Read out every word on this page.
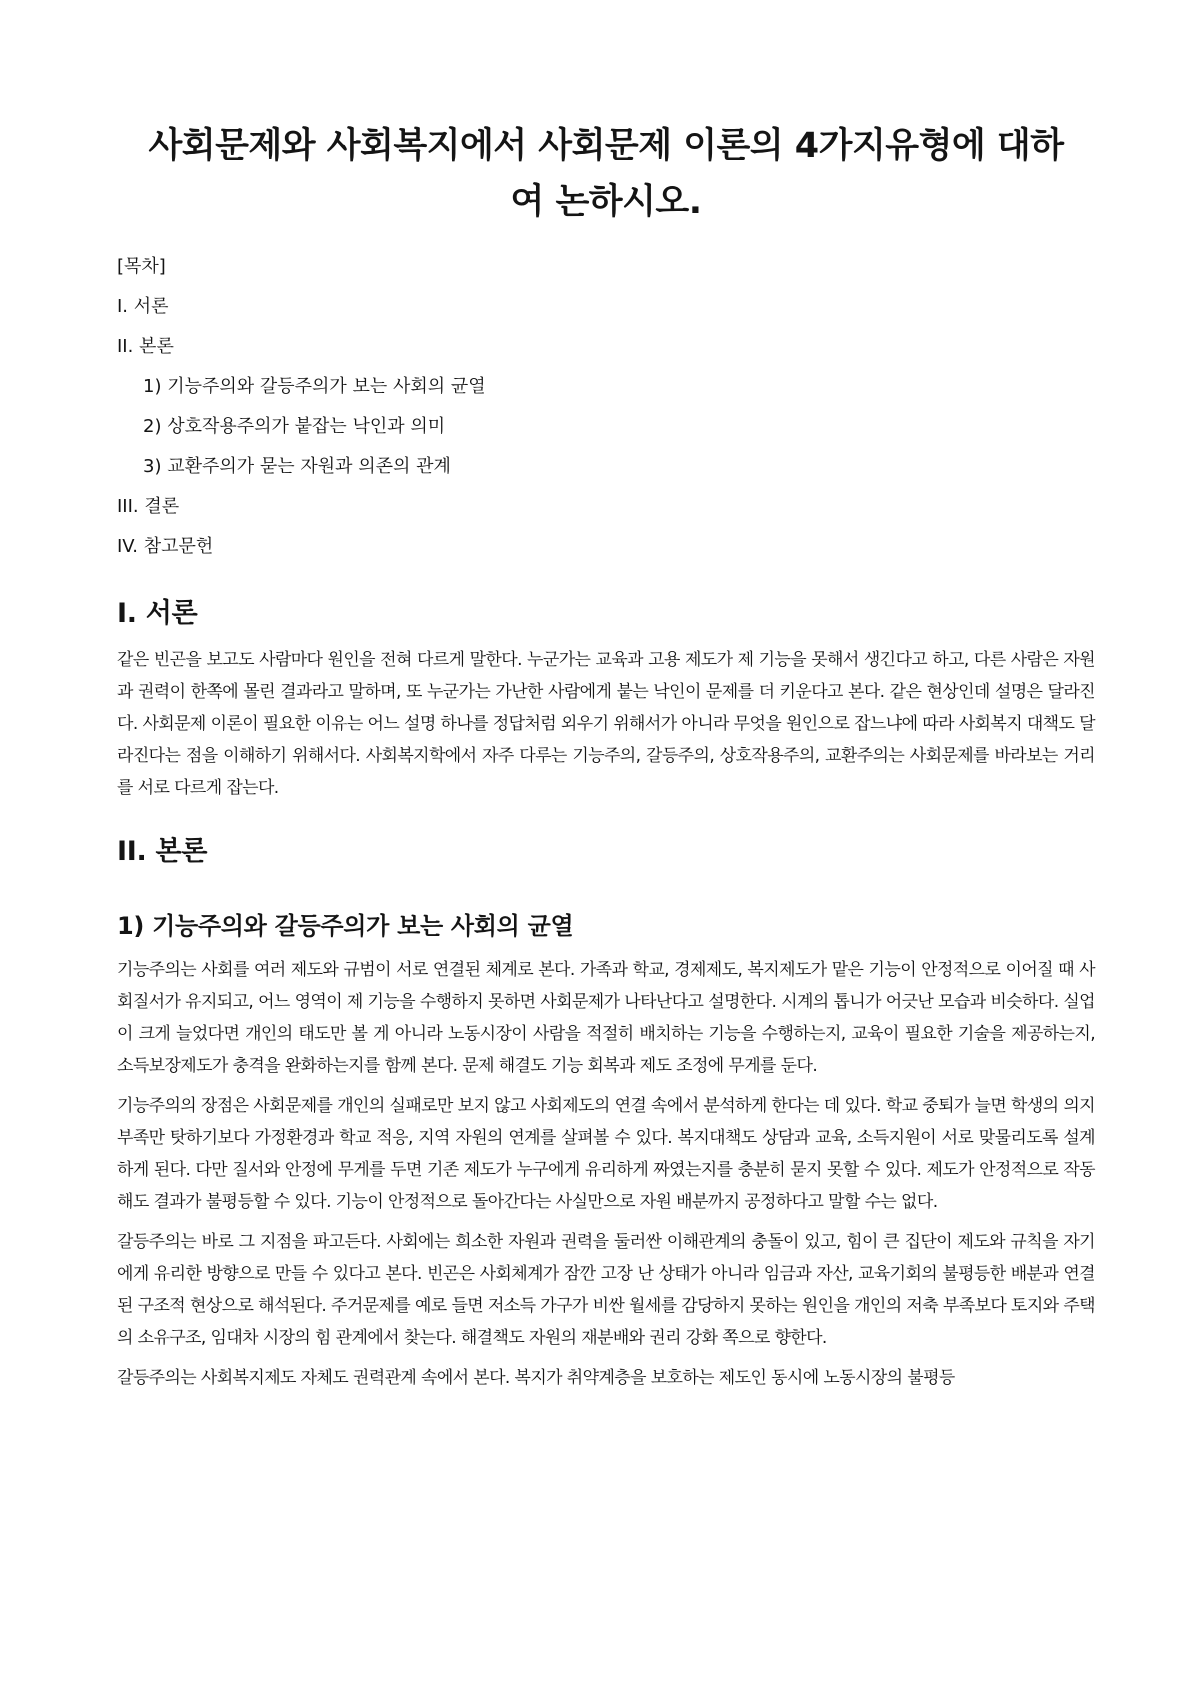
사회문제와 사회복지에서 사회문제 이론의 4가지유형에 대하여 논하시오.

[목차]

I. 서론

II. 본론

1) 기능주의와 갈등주의가 보는 사회의 균열

2) 상호작용주의가 붙잡는 낙인과 의미

3) 교환주의가 묻는 자원과 의존의 관계

III. 결론

IV. 참고문헌

I. 서론

같은 빈곤을 보고도 사람마다 원인을 전혀 다르게 말한다. 누군가는 교육과 고용 제도가 제 기능을 못해서 생긴다고 하고, 다른 사람은 자원과 권력이 한쪽에 몰린 결과라고 말하며, 또 누군가는 가난한 사람에게 붙는 낙인이 문제를 더 키운다고 본다. 같은 현상인데 설명은 달라진다. 사회문제 이론이 필요한 이유는 어느 설명 하나를 정답처럼 외우기 위해서가 아니라 무엇을 원인으로 잡느냐에 따라 사회복지 대책도 달라진다는 점을 이해하기 위해서다. 사회복지학에서 자주 다루는 기능주의, 갈등주의, 상호작용주의, 교환주의는 사회문제를 바라보는 거리를 서로 다르게 잡는다.

II. 본론
1) 기능주의와 갈등주의가 보는 사회의 균열

기능주의는 사회를 여러 제도와 규범이 서로 연결된 체계로 본다. 가족과 학교, 경제제도, 복지제도가 맡은 기능이 안정적으로 이어질 때 사회질서가 유지되고, 어느 영역이 제 기능을 수행하지 못하면 사회문제가 나타난다고 설명한다. 시계의 톱니가 어긋난 모습과 비슷하다. 실업이 크게 늘었다면 개인의 태도만 볼 게 아니라 노동시장이 사람을 적절히 배치하는 기능을 수행하는지, 교육이 필요한 기술을 제공하는지, 소득보장제도가 충격을 완화하는지를 함께 본다. 문제 해결도 기능 회복과 제도 조정에 무게를 둔다.

기능주의의 장점은 사회문제를 개인의 실패로만 보지 않고 사회제도의 연결 속에서 분석하게 한다는 데 있다. 학교 중퇴가 늘면 학생의 의지 부족만 탓하기보다 가정환경과 학교 적응, 지역 자원의 연계를 살펴볼 수 있다. 복지대책도 상담과 교육, 소득지원이 서로 맞물리도록 설계하게 된다. 다만 질서와 안정에 무게를 두면 기존 제도가 누구에게 유리하게 짜였는지를 충분히 묻지 못할 수 있다. 제도가 안정적으로 작동해도 결과가 불평등할 수 있다. 기능이 안정적으로 돌아간다는 사실만으로 자원 배분까지 공정하다고 말할 수는 없다.

갈등주의는 바로 그 지점을 파고든다. 사회에는 희소한 자원과 권력을 둘러싼 이해관계의 충돌이 있고, 힘이 큰 집단이 제도와 규칙을 자기에게 유리한 방향으로 만들 수 있다고 본다. 빈곤은 사회체계가 잠깐 고장 난 상태가 아니라 임금과 자산, 교육기회의 불평등한 배분과 연결된 구조적 현상으로 해석된다. 주거문제를 예로 들면 저소득 가구가 비싼 월세를 감당하지 못하는 원인을 개인의 저축 부족보다 토지와 주택의 소유구조, 임대차 시장의 힘 관계에서 찾는다. 해결책도 자원의 재분배와 권리 강화 쪽으로 향한다.

갈등주의는 사회복지제도 자체도 권력관계 속에서 본다. 복지가 취약계층을 보호하는 제도인 동시에 노동시장의 불평등
